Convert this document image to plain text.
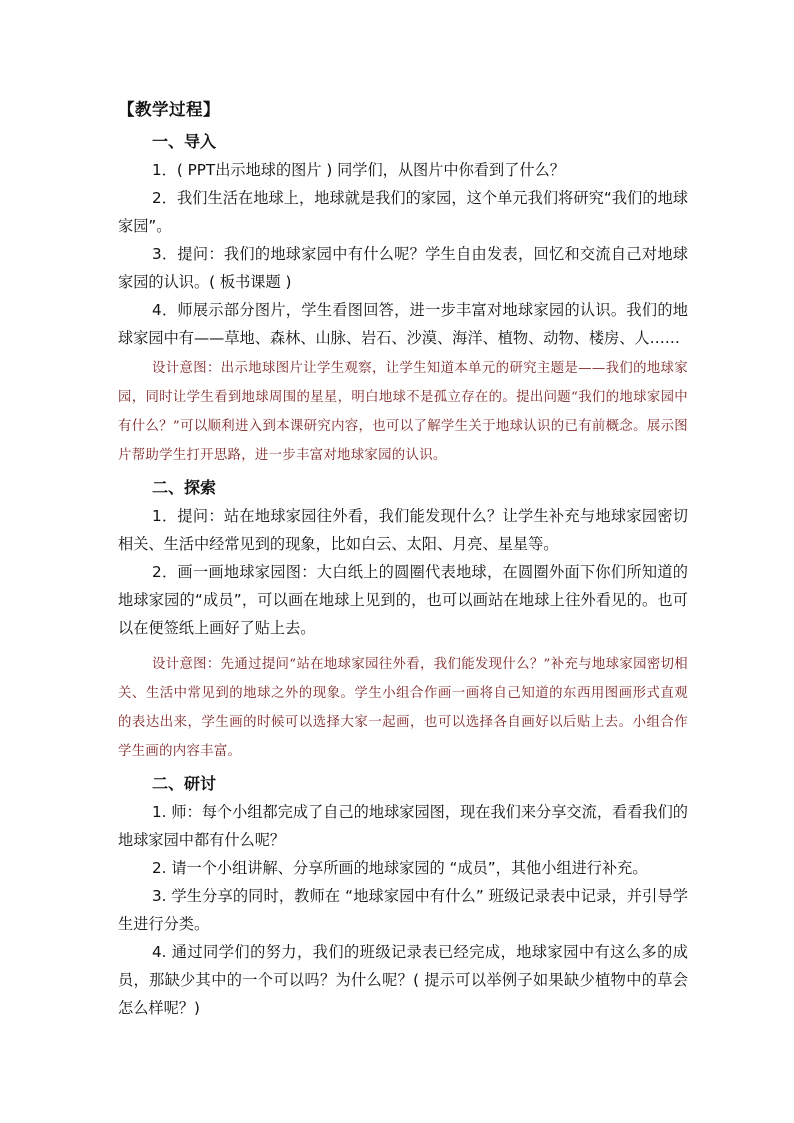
【教学过程】
一、导入

1．( PPT出示地球的图片 ) 同学们，从图片中你看到了什么？

2．我们生活在地球上，地球就是我们的家园，这个单元我们将研究“我们的地球家园”。

3．提问：我们的地球家园中有什么呢？学生自由发表，回忆和交流自己对地球家园的认识。( 板书课题 )

4．师展示部分图片，学生看图回答，进一步丰富对地球家园的认识。我们的地球家园中有——草地、森林、山脉、岩石、沙漠、海洋、植物、动物、楼房、人……

设计意图：出示地球图片让学生观察，让学生知道本单元的研究主题是——我们的地球家园，同时让学生看到地球周围的星星，明白地球不是孤立存在的。提出问题“我们的地球家园中有什么？”可以顺利进入到本课研究内容，也可以了解学生关于地球认识的已有前概念。展示图片帮助学生打开思路，进一步丰富对地球家园的认识。

二、探索

1．提问：站在地球家园往外看，我们能发现什么？让学生补充与地球家园密切相关、生活中经常见到的现象，比如白云、太阳、月亮、星星等。

2．画一画地球家园图：大白纸上的圆圈代表地球，在圆圈外面下你们所知道的地球家园的“成员”，可以画在地球上见到的，也可以画站在地球上往外看见的。也可以在便签纸上画好了贴上去。

设计意图：先通过提问“站在地球家园往外看，我们能发现什么？”补充与地球家园密切相关、生活中常见到的地球之外的现象。学生小组合作画一画将自己知道的东西用图画形式直观的表达出来，学生画的时候可以选择大家一起画，也可以选择各自画好以后贴上去。小组合作学生画的内容丰富。

二、研讨

1. 师：每个小组都完成了自己的地球家园图，现在我们来分享交流，看看我们的地球家园中都有什么呢？

2. 请一个小组讲解、分享所画的地球家园的 “成员”，其他小组进行补充。

3. 学生分享的同时，教师在 “地球家园中有什么” 班级记录表中记录，并引导学生进行分类。

4. 通过同学们的努力，我们的班级记录表已经完成，地球家园中有这么多的成员，那缺少其中的一个可以吗？为什么呢？( 提示可以举例子如果缺少植物中的草会怎么样呢？)
